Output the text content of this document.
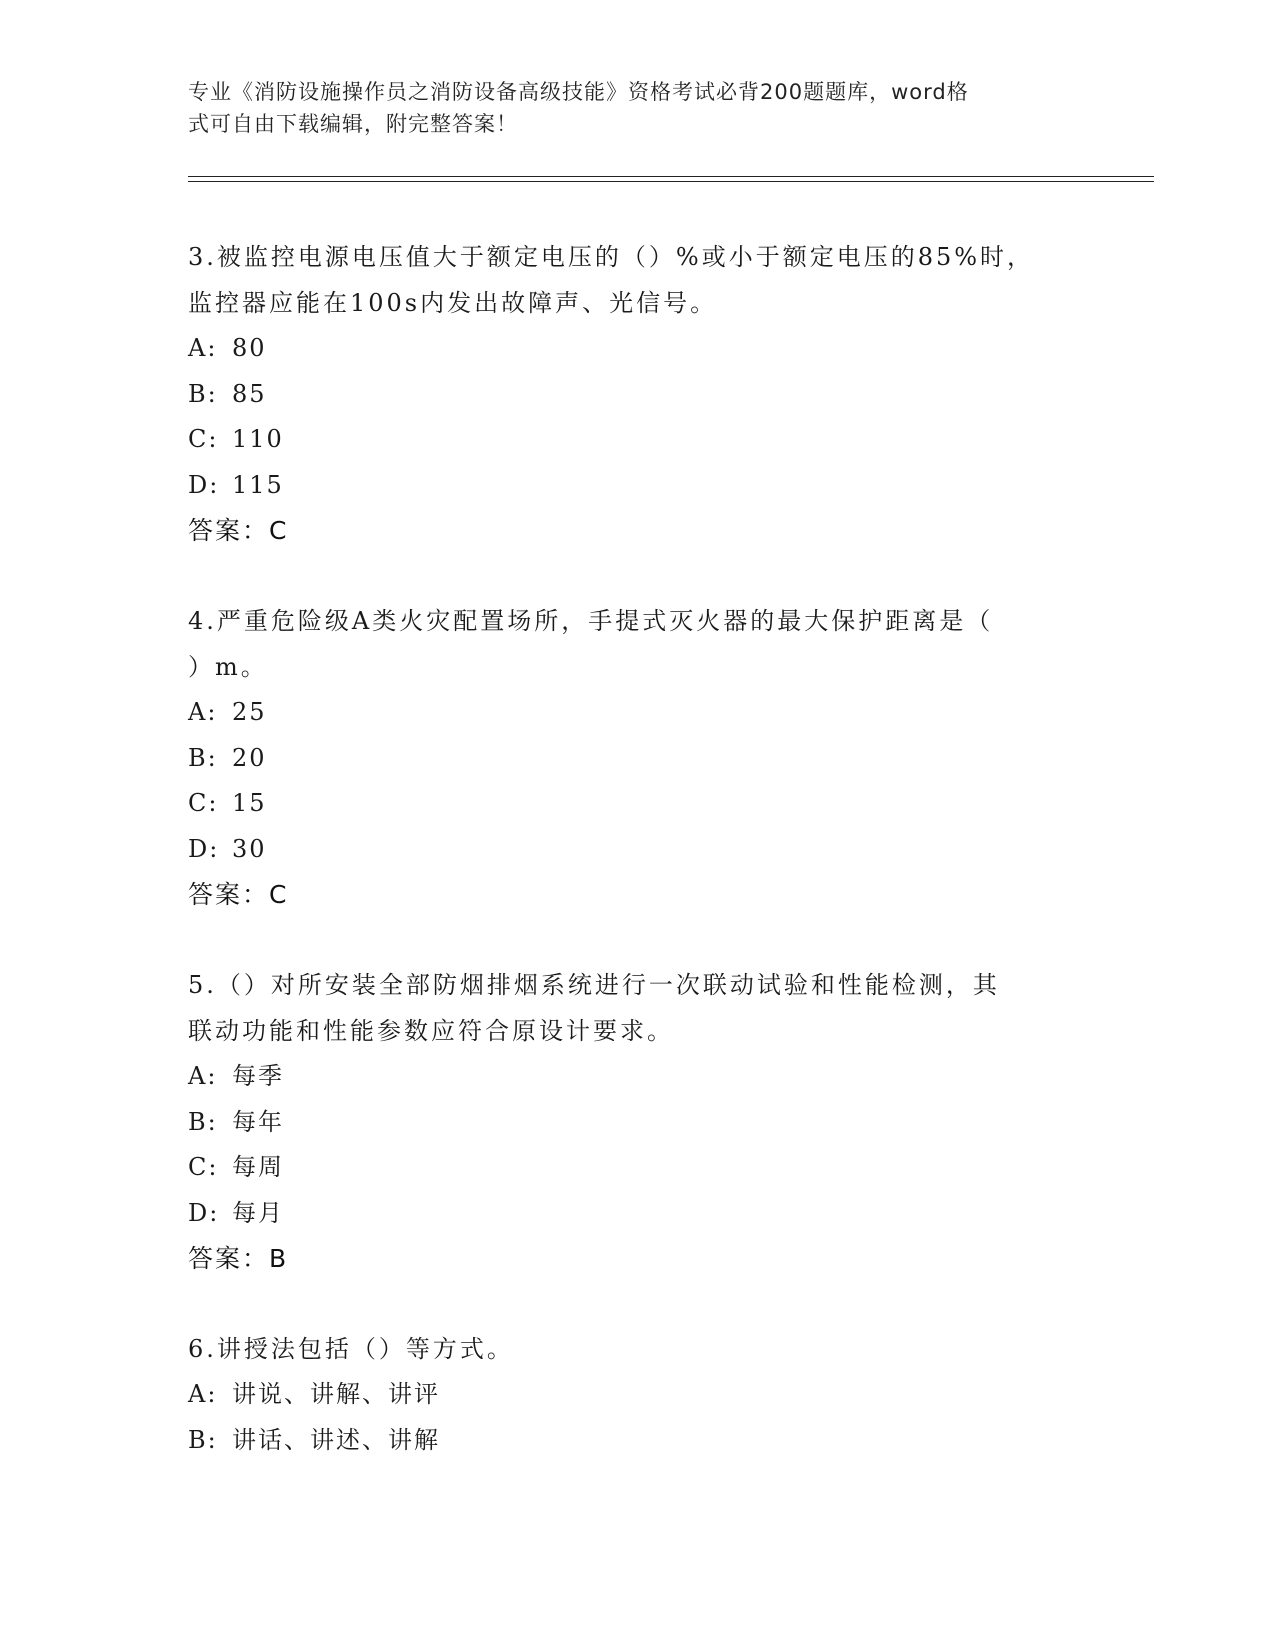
专业《消防设施操作员之消防设备高级技能》资格考试必背200题题库，word格
式可自由下载编辑，附完整答案！
3.被监控电源电压值大于额定电压的（）%或小于额定电压的85%时，
监控器应能在100s内发出故障声、光信号。
A: 80
B: 85
C: 110
D: 115
答案：C
4.严重危险级A类火灾配置场所，手提式灭火器的最大保护距离是（
）m。
A: 25
B: 20
C: 15
D: 30
答案：C
5.（）对所安装全部防烟排烟系统进行一次联动试验和性能检测，其
联动功能和性能参数应符合原设计要求。
A: 每季
B: 每年
C: 每周
D: 每月
答案：B
6.讲授法包括（）等方式。
A: 讲说、讲解、讲评
B: 讲话、讲述、讲解
